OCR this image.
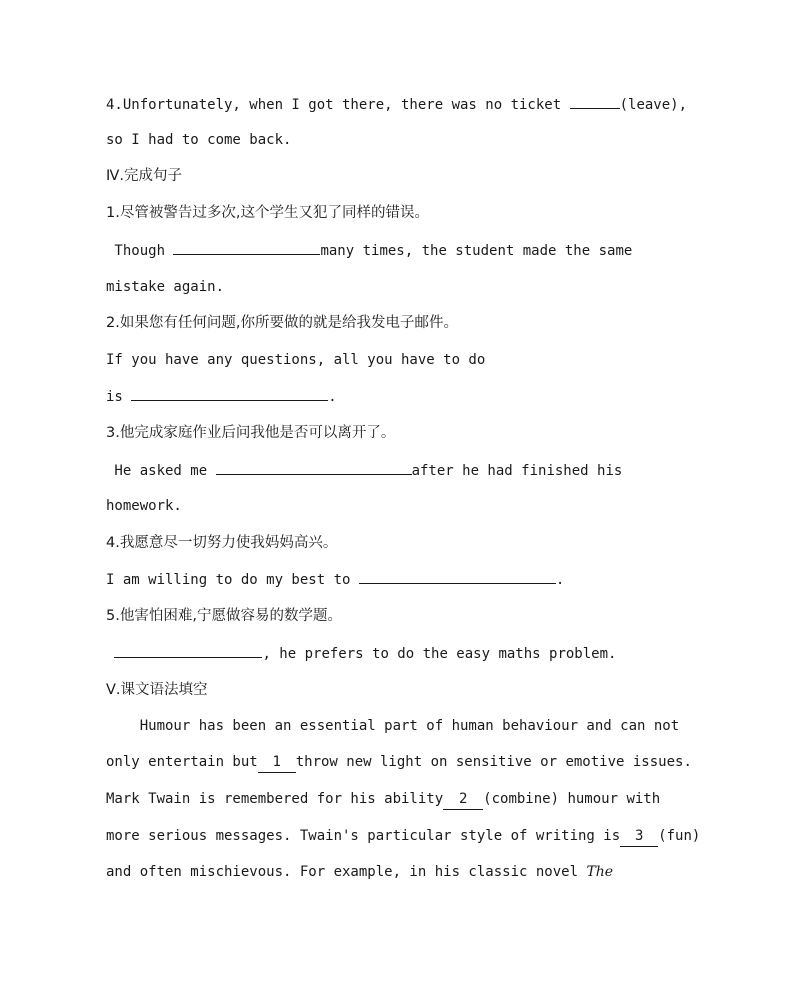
4.Unfortunately, when I got there, there was no ticket	(leave),
so I had to come back.
Ⅳ.完成句子
1.尽管被警告过多次,这个学生又犯了同样的错误。
Though	many times, the student made the same
mistake again.
2.如果您有任何问题,你所要做的就是给我发电子邮件。
If you have any questions, all you have to do
is	.
3.他完成家庭作业后问我他是否可以离开了。
He asked me	after he had finished his
homework.
4.我愿意尽一切努力使我妈妈高兴。
I am willing to do my best to	.
5.他害怕困难,宁愿做容易的数学题。
, he prefers to do the easy maths problem.
Ⅴ.课文语法填空
Humour has been an essential part of human behaviour and can not
only entertain but 1 throw new light on sensitive or emotive issues.
Mark Twain is remembered for his ability 2 (combine) humour with
more serious messages. Twain's particular style of writing is 3 (fun)
and often mischievous. For example, in his classic novel The
